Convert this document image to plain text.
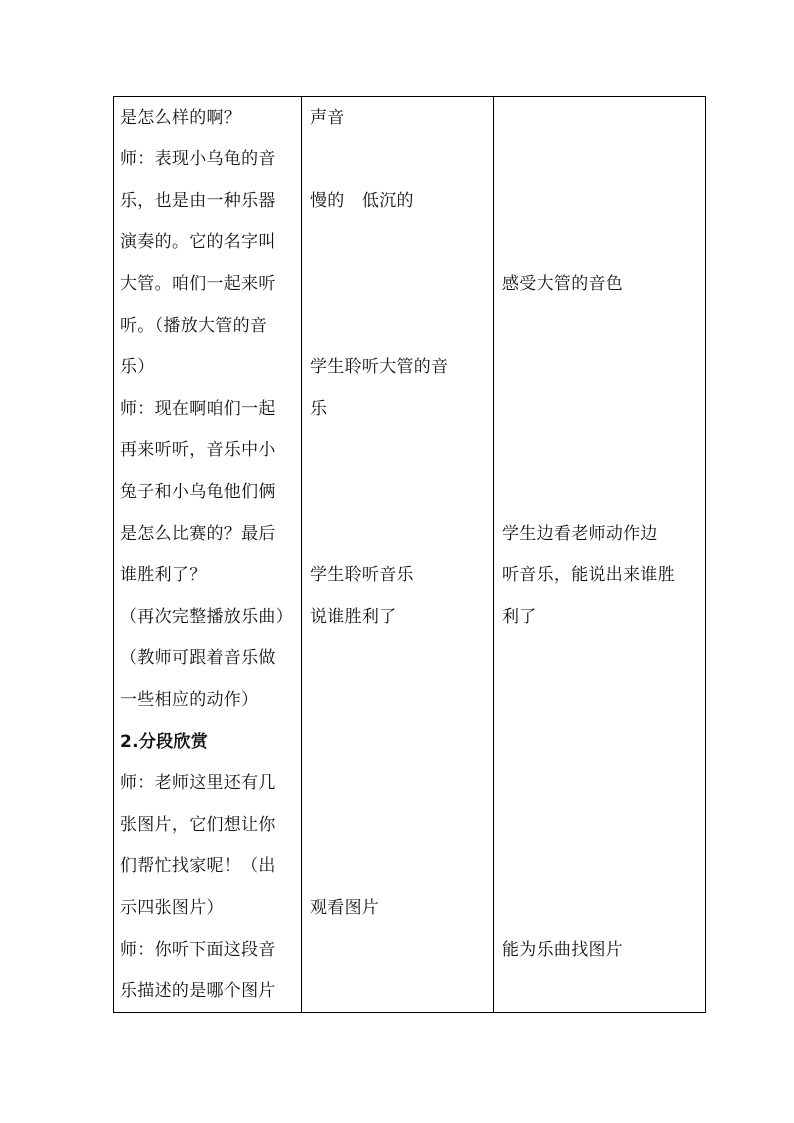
是怎么样的啊？
师：表现小乌龟的音
乐，也是由一种乐器
演奏的。它的名字叫
大管。咱们一起来听
听。（播放大管的音
乐）
师：现在啊咱们一起
再来听听，音乐中小
兔子和小乌龟他们俩
是怎么比赛的？最后
谁胜利了？
（再次完整播放乐曲）
（教师可跟着音乐做
一些相应的动作）
2.分段欣赏
师：老师这里还有几
张图片，它们想让你
们帮忙找家呢！（出
示四张图片）
师：你听下面这段音
乐描述的是哪个图片
声音
慢的　低沉的
学生聆听大管的音
乐
学生聆听音乐
说谁胜利了
观看图片
感受大管的音色
学生边看老师动作边
听音乐，能说出来谁胜
利了
能为乐曲找图片
